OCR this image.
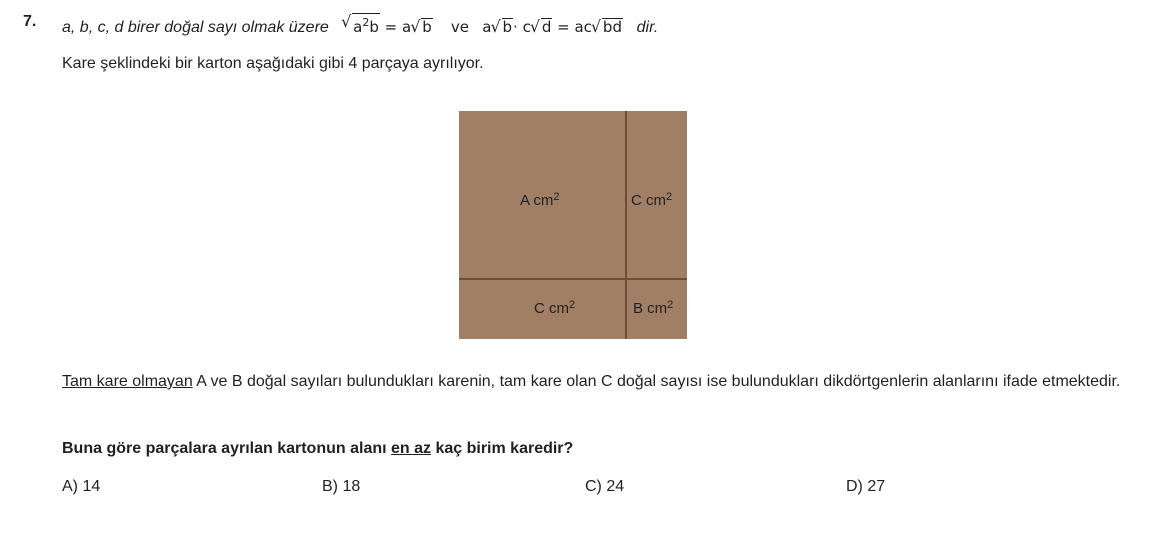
7. a, b, c, d birer doğal sayı olmak üzere   √ $a^2b = a√$ b ve a√ b· c√ d = ac√ bd dir.
Kare şeklindeki bir karton aşağıdaki gibi 4 parçaya ayrılıyor.
A $cm^2$	C $cm^2$
C $cm^2$	B $cm^2$
Tam kare olmayan A ve B doğal sayıları bulundukları karenin, tam kare olan C doğal sayısı ise bulundukları dikdörtgenlerin alanlarını ifade etmektedir.
Buna göre parçalara ayrılan kartonun alanı en az kaç birim karedir?
A) 14	B) 18	C) 24	D) 27
